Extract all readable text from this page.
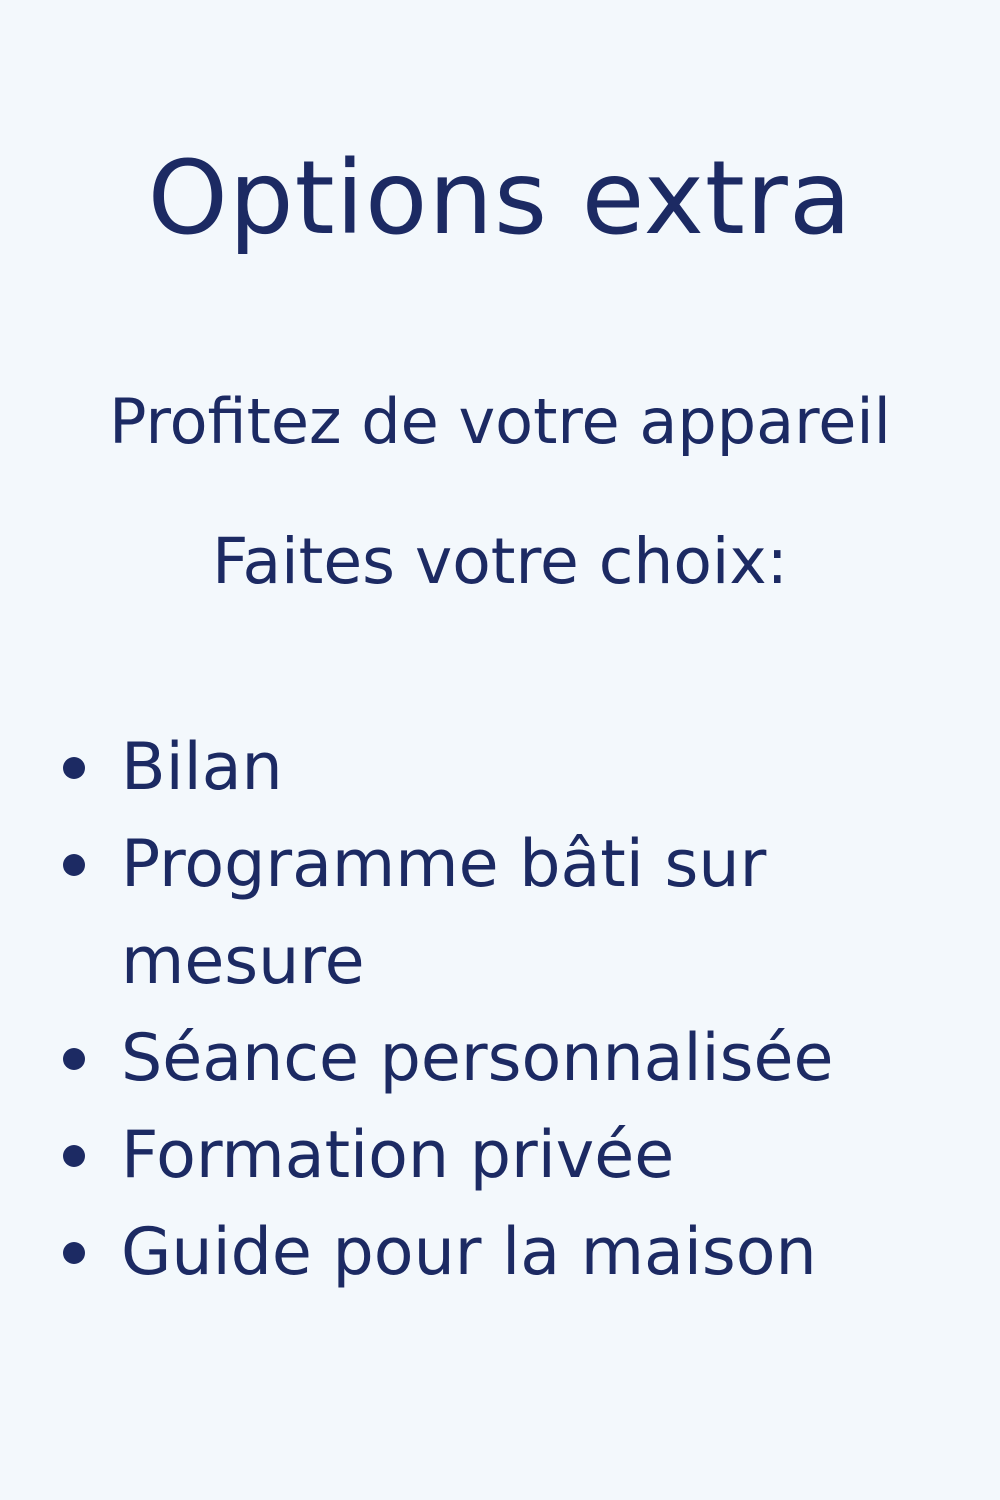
Options extra

Profitez de votre appareil

Faites votre choix:

Bilan
Programme bâti sur mesure
Séance personnalisée
Formation privée
Guide pour la maison
